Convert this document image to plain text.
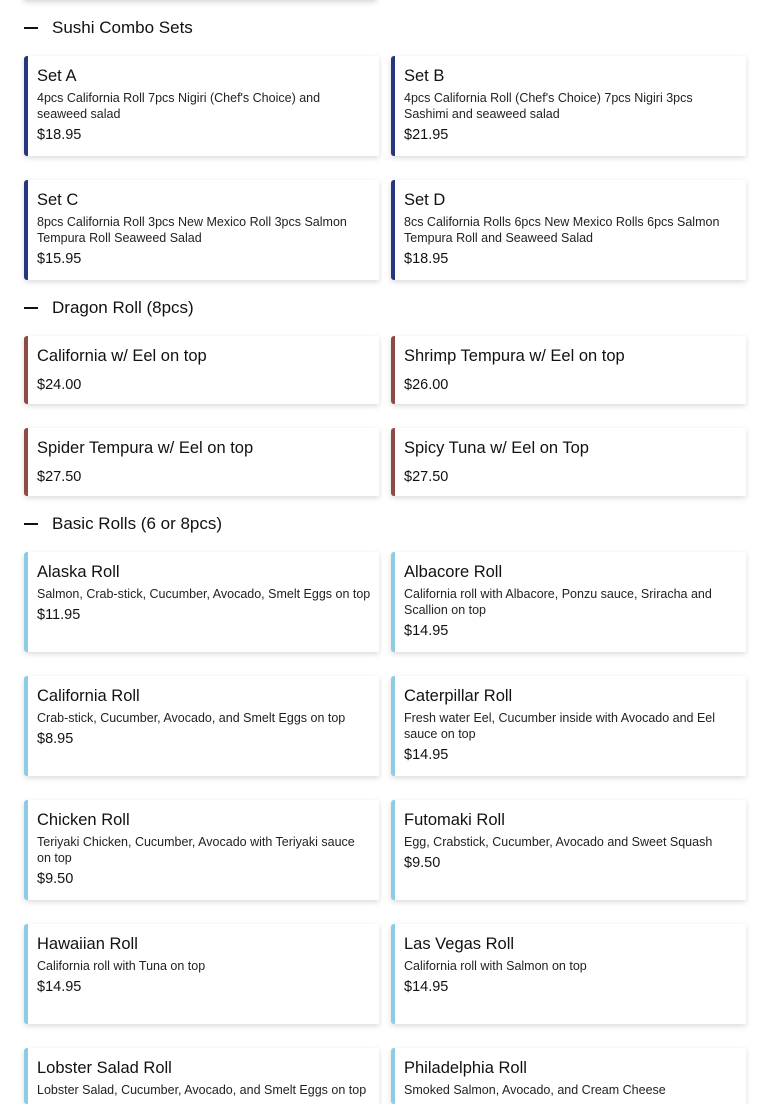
Sushi Combo Sets
Set A
4pcs California Roll 7pcs Nigiri (Chef's Choice) and seaweed salad
$18.95
Set B
4pcs California Roll (Chef's Choice) 7pcs Nigiri 3pcs Sashimi and seaweed salad
$21.95
Set C
8pcs California Roll 3pcs New Mexico Roll 3pcs Salmon Tempura Roll Seaweed Salad
$15.95
Set D
8cs California Rolls 6pcs New Mexico Rolls 6pcs Salmon Tempura Roll and Seaweed Salad
$18.95
Dragon Roll (8pcs)
California w/ Eel on top
$24.00
Shrimp Tempura w/ Eel on top
$26.00
Spider Tempura w/ Eel on top
$27.50
Spicy Tuna w/ Eel on Top
$27.50
Basic Rolls (6 or 8pcs)
Alaska Roll
Salmon, Crab-stick, Cucumber, Avocado, Smelt Eggs on top
$11.95
Albacore Roll
California roll with Albacore, Ponzu sauce, Sriracha and Scallion on top
$14.95
California Roll
Crab-stick, Cucumber, Avocado, and Smelt Eggs on top
$8.95
Caterpillar Roll
Fresh water Eel, Cucumber inside with Avocado and Eel sauce on top
$14.95
Chicken Roll
Teriyaki Chicken, Cucumber, Avocado with Teriyaki sauce on top
$9.50
Futomaki Roll
Egg, Crabstick, Cucumber, Avocado and Sweet Squash
$9.50
Hawaiian Roll
California roll with Tuna on top
$14.95
Las Vegas Roll
California roll with Salmon on top
$14.95
Lobster Salad Roll
Lobster Salad, Cucumber, Avocado, and Smelt Eggs on top
Philadelphia Roll
Smoked Salmon, Avocado, and Cream Cheese
